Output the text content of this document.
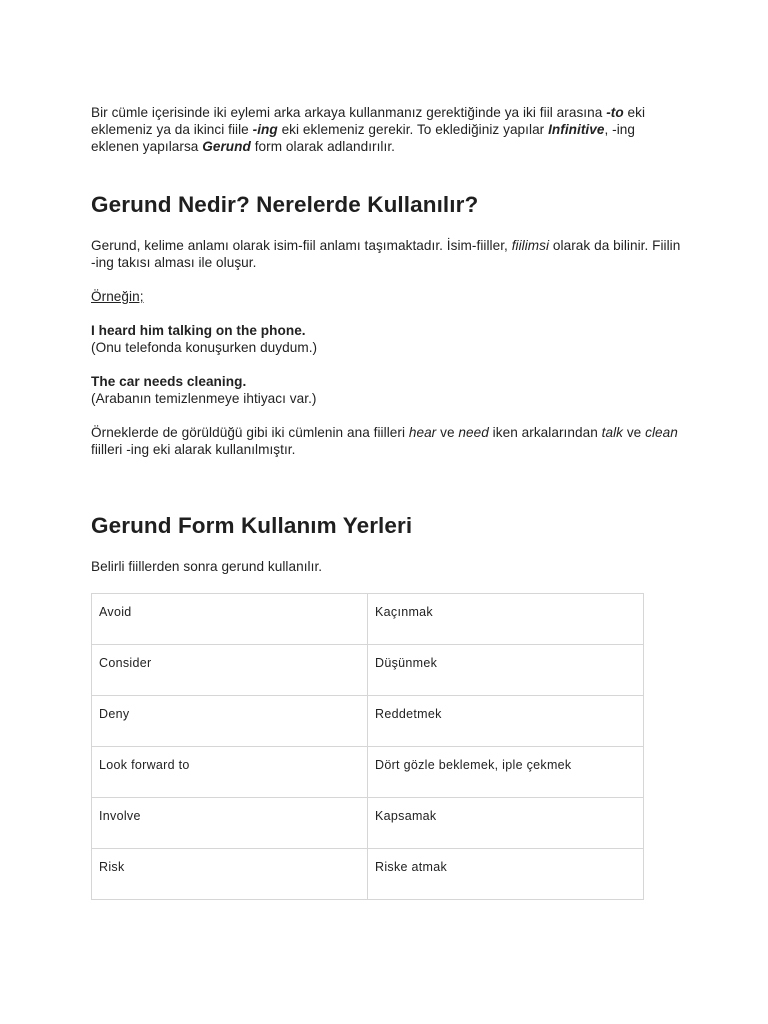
Bir cümle içerisinde iki eylemi arka arkaya kullanmanız gerektiğinde ya iki fiil arasına -to eki eklemeniz ya da ikinci fiile -ing eki eklemeniz gerekir. To eklediğiniz yapılar Infinitive, -ing eklenen yapılarsa Gerund form olarak adlandırılır.

Gerund Nedir? Nerelerde Kullanılır?

Gerund, kelime anlamı olarak isim-fiil anlamı taşımaktadır. İsim-fiiller, fiilimsi olarak da bilinir. Fiilin -ing takısı alması ile oluşur.

Örneğin;

I heard him talking on the phone.

(Onu telefonda konuşurken duydum.)

The car needs cleaning.

(Arabanın temizlenmeye ihtiyacı var.)

Örneklerde de görüldüğü gibi iki cümlenin ana fiilleri hear ve need iken arkalarından talk ve clean fiilleri -ing eki alarak kullanılmıştır.

Gerund Form Kullanım Yerleri

Belirli fiillerden sonra gerund kullanılır.

Avoid	Kaçınmak
Consider	Düşünmek
Deny	Reddetmek
Look forward to	Dört gözle beklemek, iple çekmek
Involve	Kapsamak
Risk	Riske atmak
